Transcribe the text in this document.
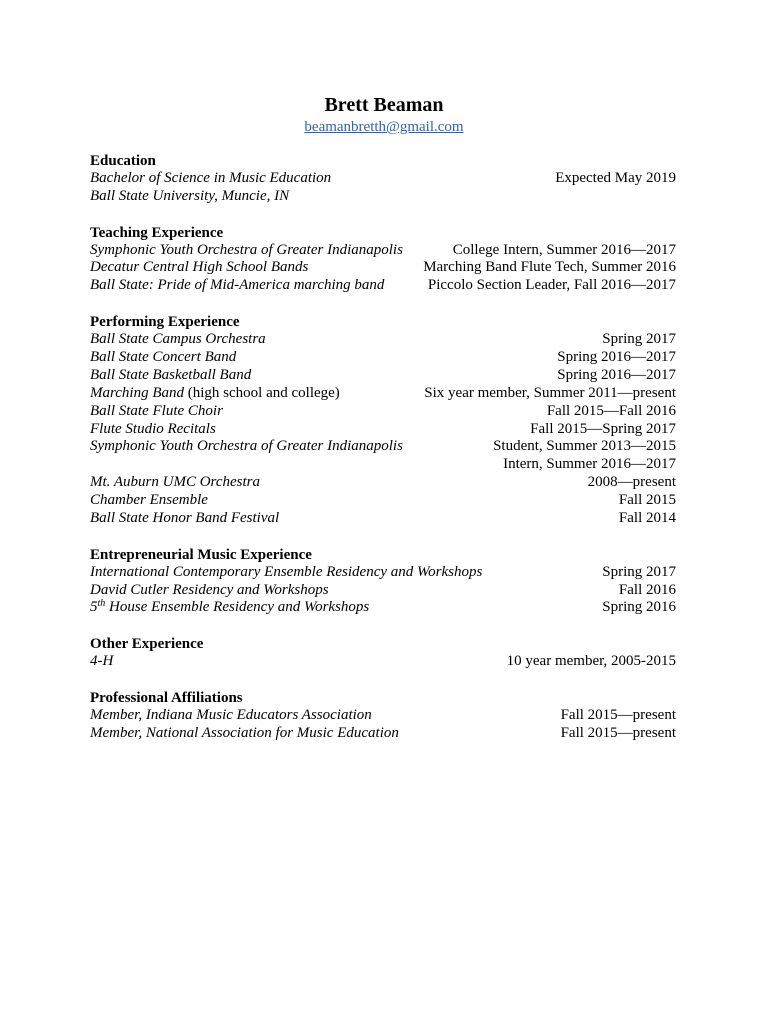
Brett Beaman
beamanbretth@gmail.com
Education
Bachelor of Science in Music Education	Expected May 2019
Ball State University, Muncie, IN
Teaching Experience
Symphonic Youth Orchestra of Greater Indianapolis	College Intern, Summer 2016—2017
Decatur Central High School Bands	Marching Band Flute Tech, Summer 2016
Ball State: Pride of Mid-America marching band	Piccolo Section Leader, Fall 2016—2017
Performing Experience
Ball State Campus Orchestra	Spring 2017
Ball State Concert Band	Spring 2016—2017
Ball State Basketball Band	Spring 2016—2017
Marching Band (high school and college)	Six year member, Summer 2011—present
Ball State Flute Choir	Fall 2015—Fall 2016
Flute Studio Recitals	Fall 2015—Spring 2017
Symphonic Youth Orchestra of Greater Indianapolis	Student, Summer 2013—2015
Intern, Summer 2016—2017
Mt. Auburn UMC Orchestra	2008—present
Chamber Ensemble	Fall 2015
Ball State Honor Band Festival	Fall 2014
Entrepreneurial Music Experience
International Contemporary Ensemble Residency and Workshops	Spring 2017
David Cutler Residency and Workshops	Fall 2016
5th House Ensemble Residency and Workshops	Spring 2016
Other Experience
4-H	10 year member, 2005-2015
Professional Affiliations
Member, Indiana Music Educators Association	Fall 2015—present
Member, National Association for Music Education	Fall 2015—present
